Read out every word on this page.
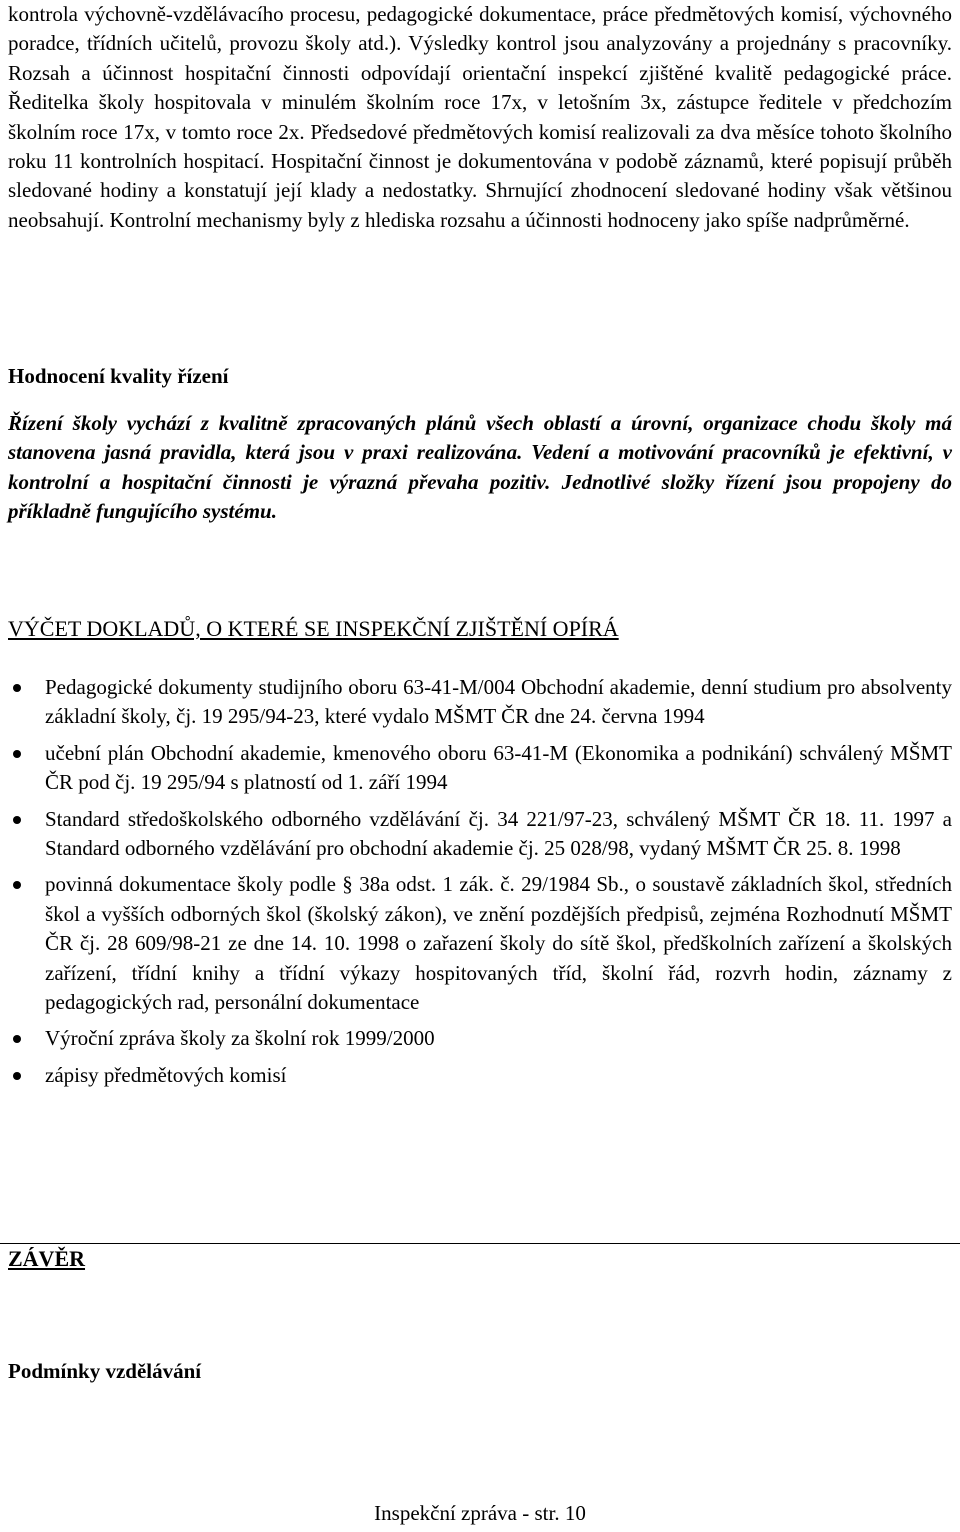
kontrola výchovně-vzdělávacího procesu, pedagogické dokumentace, práce předmětových komisí, výchovného poradce, třídních učitelů, provozu školy atd.). Výsledky kontrol jsou analyzovány a projednány s pracovníky. Rozsah a účinnost hospitační činnosti odpovídají orientační inspekcí zjištěné kvalitě pedagogické práce. Ředitelka školy hospitovala v minulém školním roce 17x, v letošním 3x, zástupce ředitele v předchozím školním roce 17x, v tomto roce 2x. Předsedové předmětových komisí realizovali za dva měsíce tohoto školního roku 11 kontrolních hospitací. Hospitační činnost je dokumentována v podobě záznamů, které popisují průběh sledované hodiny a konstatují její klady a nedostatky. Shrnující zhodnocení sledované hodiny však většinou neobsahují. Kontrolní mechanismy byly z hlediska rozsahu a účinnosti hodnoceny jako spíše nadprůměrné.
Hodnocení kvality řízení
Řízení školy vychází z kvalitně zpracovaných plánů všech oblastí a úrovní, organizace chodu školy má stanovena jasná pravidla, která jsou v praxi realizována. Vedení a motivování pracovníků je efektivní, v kontrolní a hospitační činnosti je výrazná převaha pozitiv. Jednotlivé složky řízení jsou propojeny do příkladně fungujícího systému.
VÝČET DOKLADŮ, O KTERÉ SE INSPEKČNÍ ZJIŠTĚNÍ OPÍRÁ
Pedagogické dokumenty studijního oboru 63-41-M/004 Obchodní akademie, denní studium pro absolventy základní školy, čj. 19 295/94-23, které vydalo MŠMT ČR dne 24. června 1994
učební plán Obchodní akademie, kmenového oboru 63-41-M (Ekonomika a podnikání) schválený MŠMT ČR pod čj. 19 295/94 s platností od 1. září 1994
Standard středoškolského odborného vzdělávání čj. 34 221/97-23, schválený MŠMT ČR 18. 11. 1997 a Standard odborného vzdělávání pro obchodní akademie čj. 25 028/98, vydaný MŠMT ČR 25. 8. 1998
povinná dokumentace školy podle § 38a odst. 1 zák. č. 29/1984 Sb., o soustavě základních škol, středních škol a vyšších odborných škol (školský zákon), ve znění pozdějších předpisů, zejména Rozhodnutí MŠMT ČR čj. 28 609/98-21 ze dne 14. 10. 1998 o zařazení školy do sítě škol, předškolních zařízení a školských zařízení, třídní knihy a třídní výkazy hospitovaných tříd, školní řád, rozvrh hodin, záznamy z pedagogických rad, personální dokumentace
Výroční zpráva školy za školní rok 1999/2000
zápisy předmětových komisí
ZÁVĚR
Podmínky vzdělávání
Inspekční zpráva - str. 10
